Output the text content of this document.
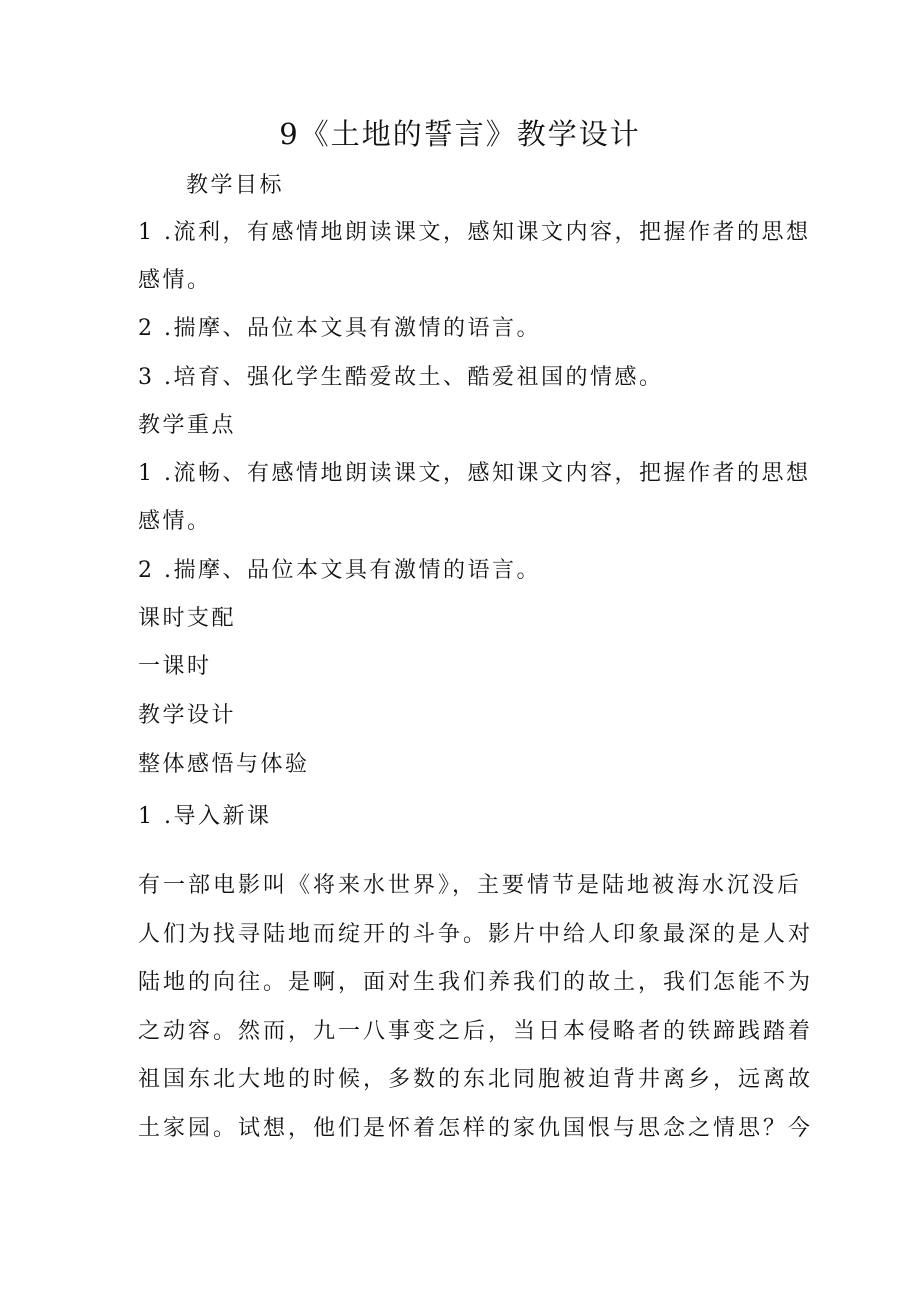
9《土地的誓言》教学设计
教学目标
1 .流利，有感情地朗读课文，感知课文内容，把握作者的思想
感情。
2 .揣摩、品位本文具有激情的语言。
3 .培育、强化学生酷爱故土、酷爱祖国的情感。
教学重点
1 .流畅、有感情地朗读课文，感知课文内容，把握作者的思想
感情。
2 .揣摩、品位本文具有激情的语言。
课时支配
一课时
教学设计
整体感悟与体验
1 .导入新课
有一部电影叫《将来水世界》，主要情节是陆地被海水沉没后
人们为找寻陆地而绽开的斗争。影片中给人印象最深的是人对
陆地的向往。是啊，面对生我们养我们的故土，我们怎能不为
之动容。然而，九一八事变之后，当日本侵略者的铁蹄践踏着
祖国东北大地的时候，多数的东北同胞被迫背井离乡，远离故
土家园。试想，他们是怀着怎样的家仇国恨与思念之情思？今
